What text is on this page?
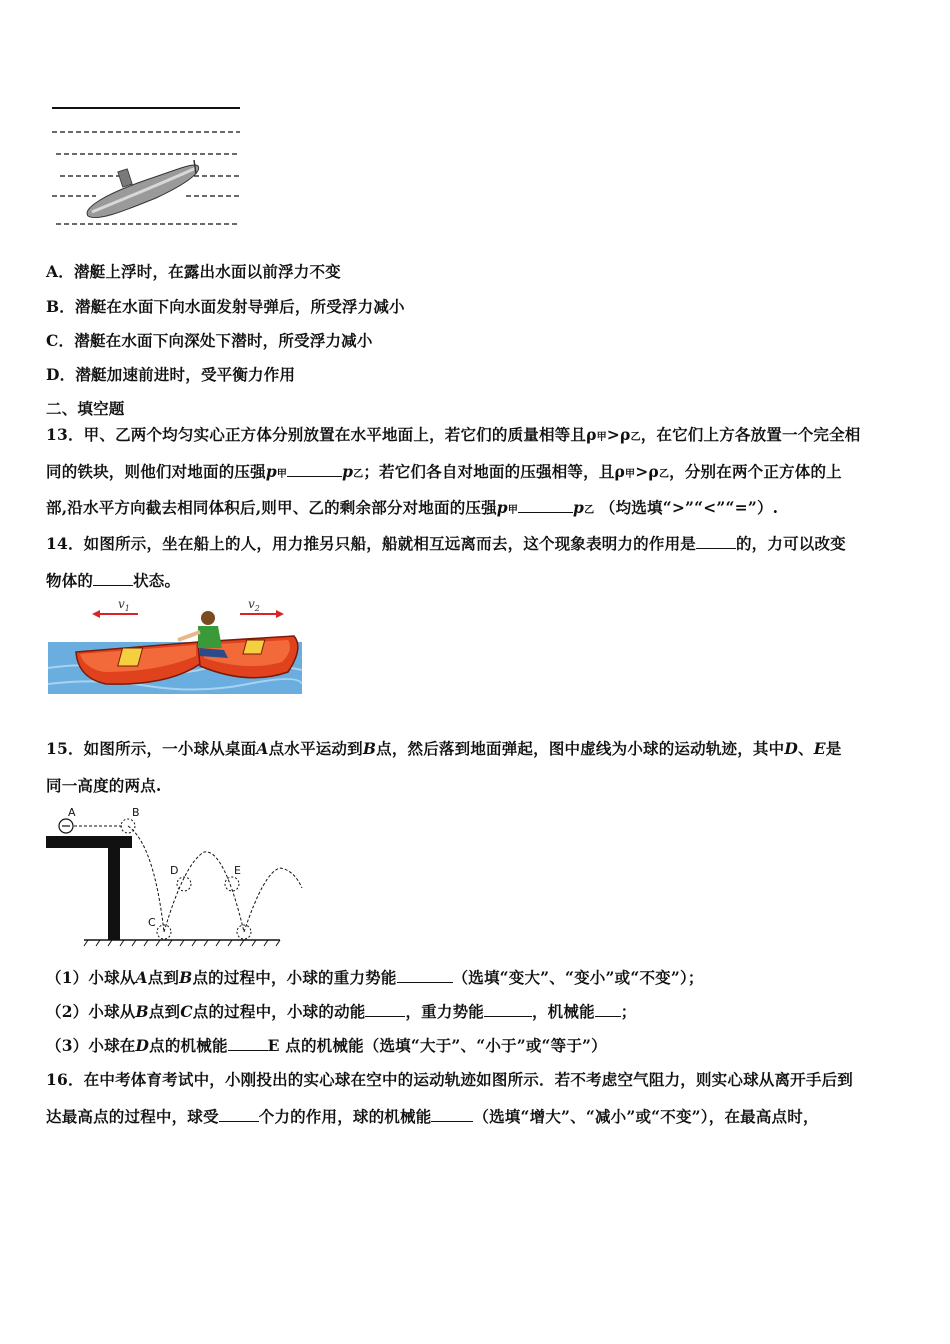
A．潜艇上浮时，在露出水面以前浮力不变
B．潜艇在水面下向水面发射导弹后，所受浮力减小
C．潜艇在水面下向深处下潜时，所受浮力减小
D．潜艇加速前进时，受平衡力作用
二、填空题
13．甲、乙两个均匀实心正方体分别放置在水平地面上，若它们的质量相等且ρ甲>ρ乙，在它们上方各放置一个完全相
同的铁块，则他们对地面的压强p甲	p乙；若它们各自对地面的压强相等，且ρ甲>ρ乙，分别在两个正方体的上
部,沿水平方向截去相同体积后,则甲、乙的剩余部分对地面的压强p甲	p乙 （均选填“>”“<”“=”）.
14．如图所示，坐在船上的人，用力推另只船，船就相互远离而去，这个现象表明力的作用是	的，力可以改变
物体的	状态。
$v_1$	$v_2$
15．如图所示，一小球从桌面A点水平运动到B点，然后落到地面弹起，图中虚线为小球的运动轨迹，其中D、E是
同一高度的两点.
A	B
C
D	E
（1）小球从A点到B点的过程中，小球的重力势能	（选填“变大”、“变小”或“不变”）；
（2）小球从B点到C点的过程中，小球的动能	，重力势能	，机械能 ；
（3）小球在D点的机械能	E 点的机械能（选填“大于”、“小于”或“等于”）
16．在中考体育考试中，小刚投出的实心球在空中的运动轨迹如图所示．若不考虑空气阻力，则实心球从离开手后到
达最高点的过程中，球受	个力的作用，球的机械能	（选填“增大”、“减小”或“不变”），在最高点时，
